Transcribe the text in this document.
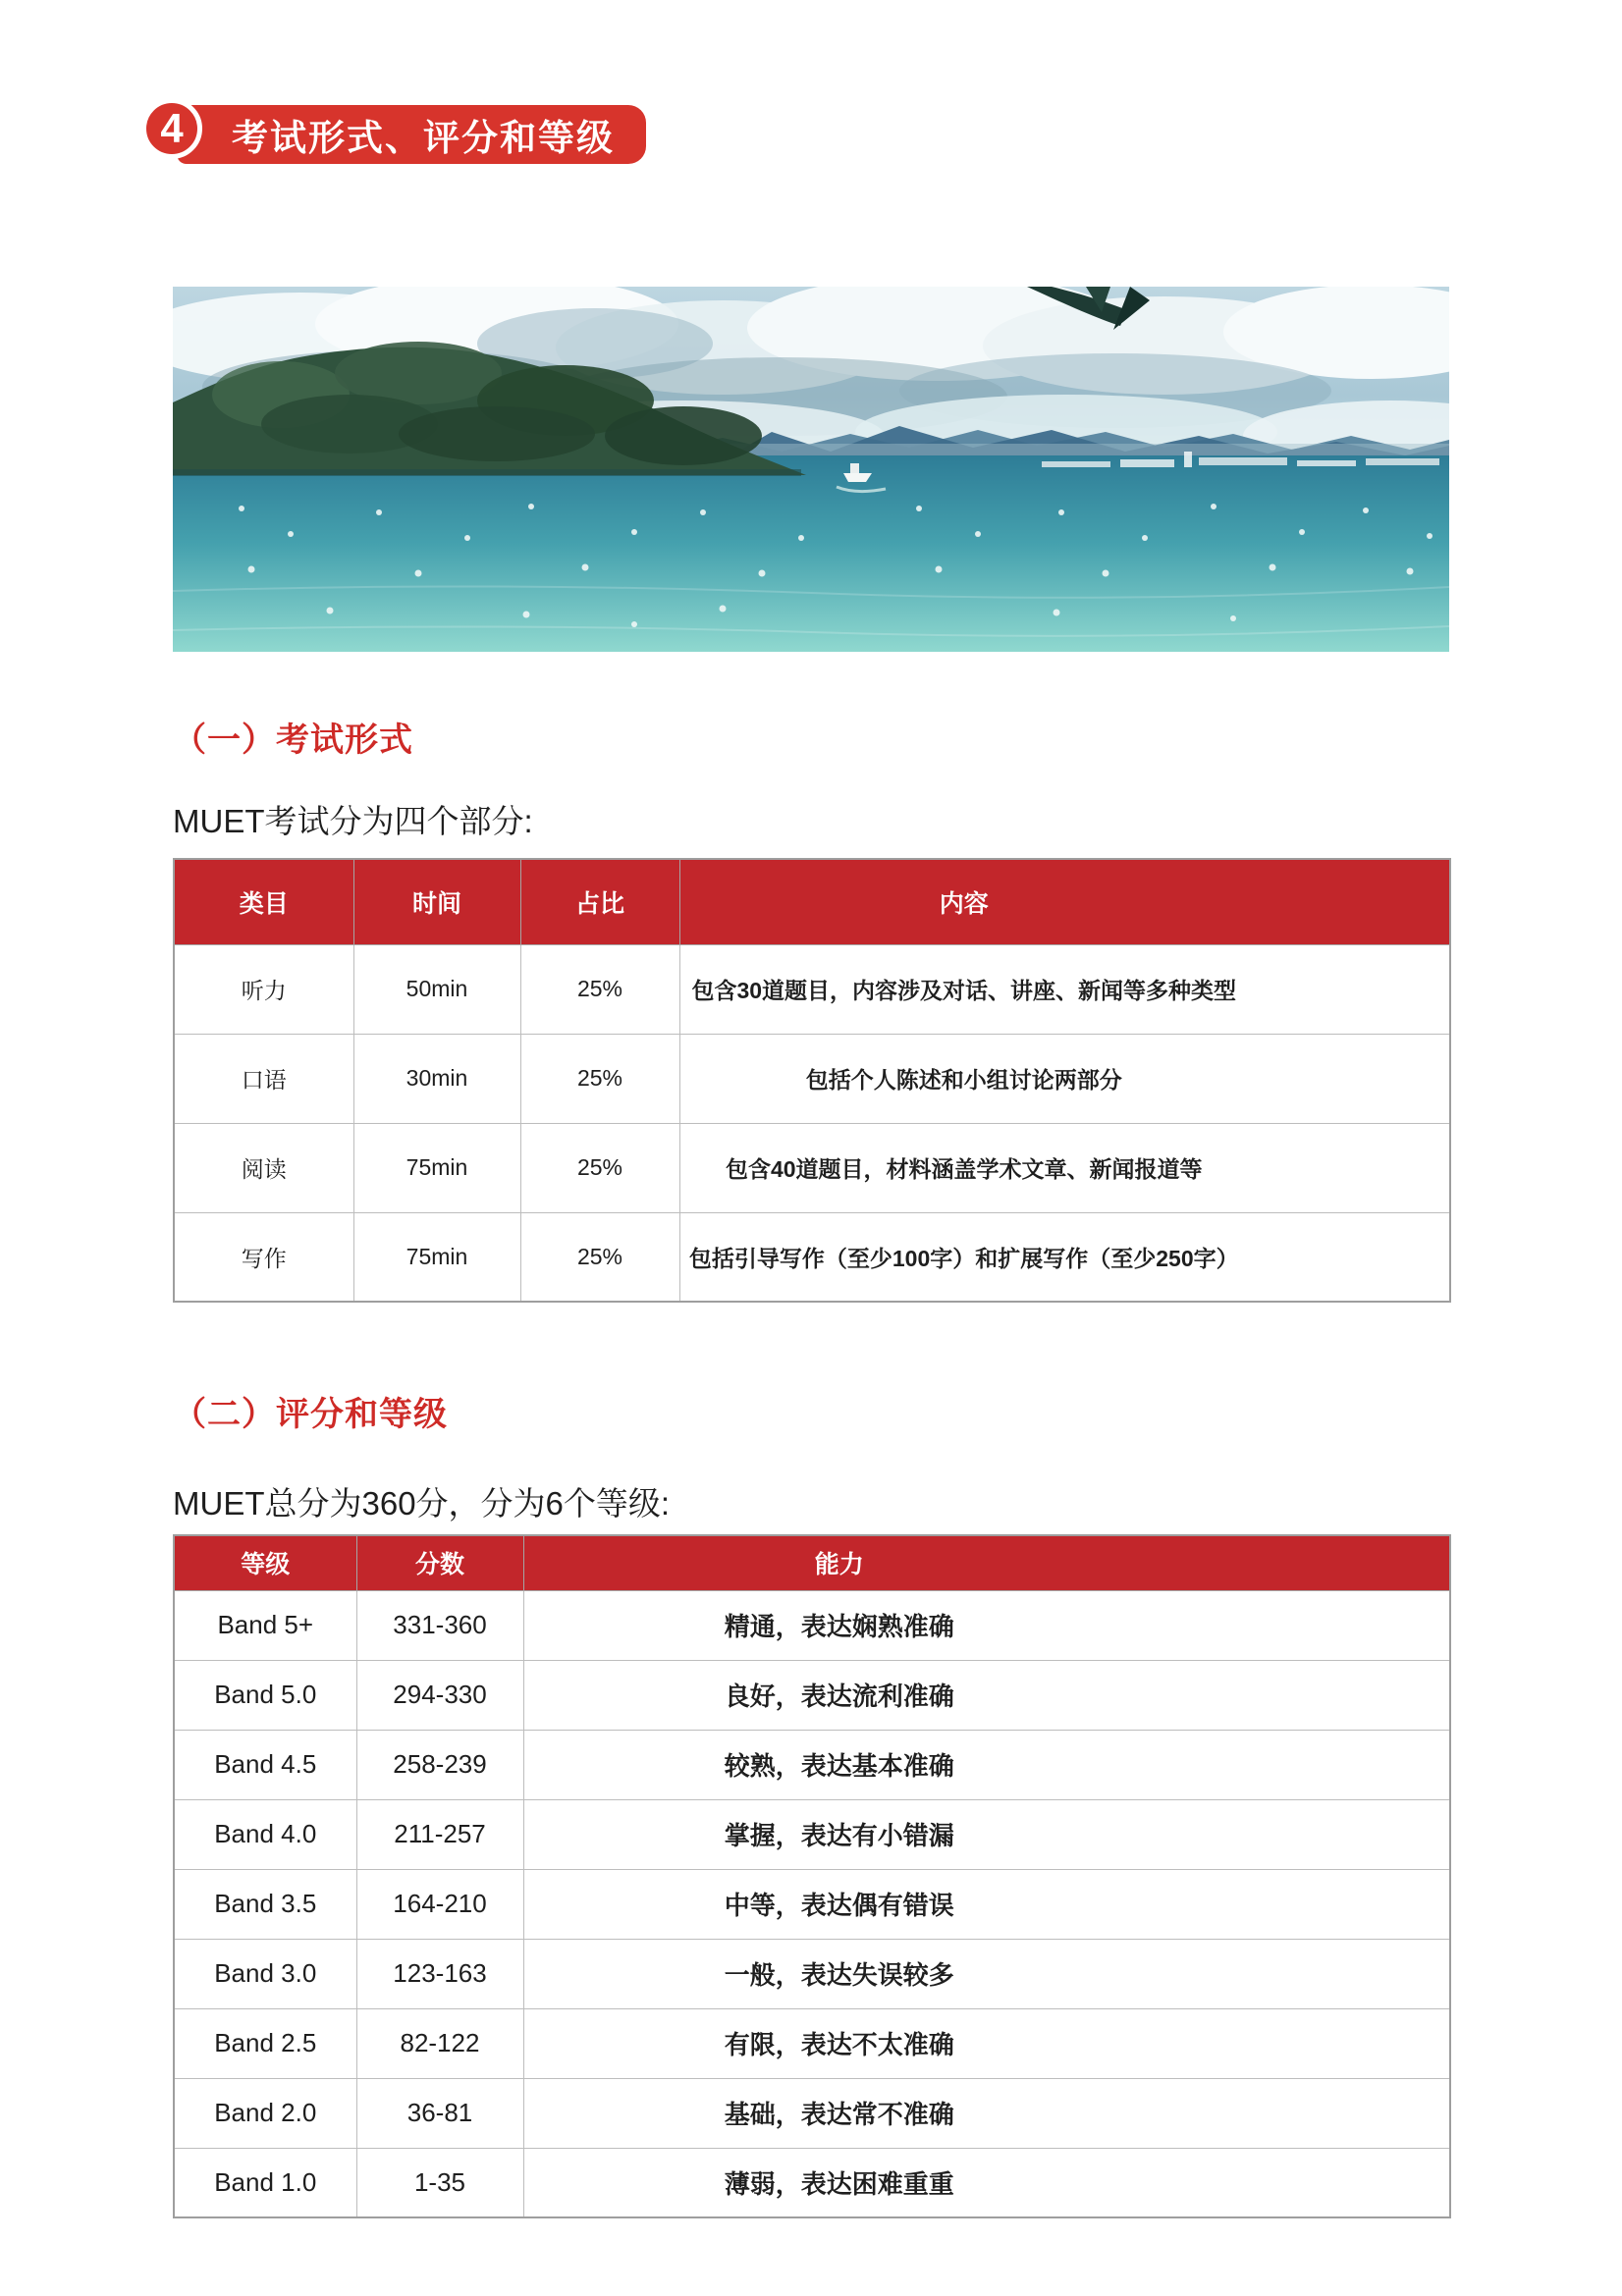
考试形式、评分和等级
4
（一）考试形式

MUET考试分为四个部分:

类目	时间	占比	内容
听力	50min	25%	包含30道题目，内容涉及对话、讲座、新闻等多种类型
口语	30min	25%	包括个人陈述和小组讨论两部分
阅读	75min	25%	包含40道题目，材料涵盖学术文章、新闻报道等
写作	75min	25%	包括引导写作（至少100字）和扩展写作（至少250字）
（二）评分和等级

MUET总分为360分，分为6个等级:

等级	分数	能力
Band 5+	331-360	精通，表达娴熟准确
Band 5.0	294-330	良好，表达流利准确
Band 4.5	258-239	较熟，表达基本准确
Band 4.0	211-257	掌握，表达有小错漏
Band 3.5	164-210	中等，表达偶有错误
Band 3.0	123-163	一般，表达失误较多
Band 2.5	82-122	有限，表达不太准确
Band 2.0	36-81	基础，表达常不准确
Band 1.0	1-35	薄弱，表达困难重重
